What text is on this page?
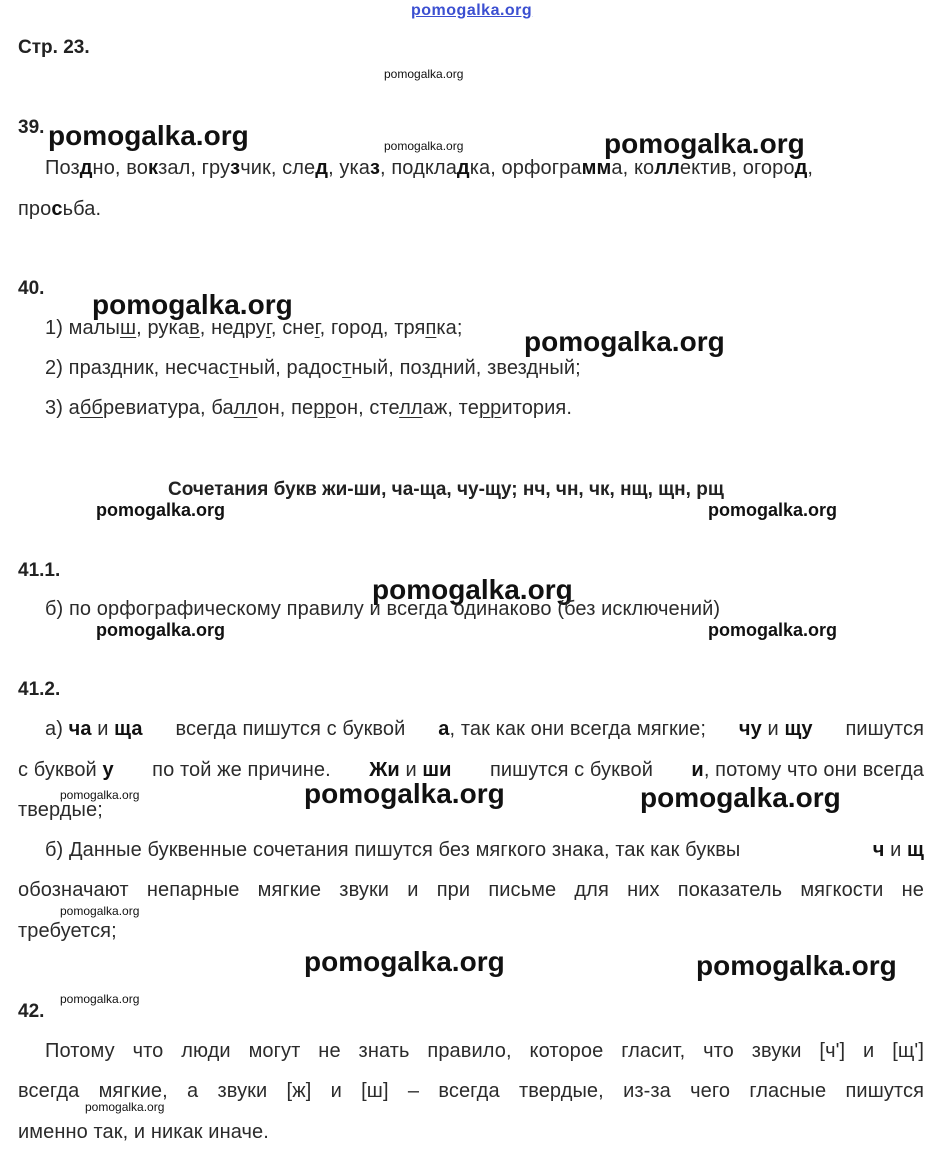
pomogalka.org
Стр. 23.
pomogalka.org
39. pomogalka.org	pomogalka.org	pomogalka.org
Поздно, вокзал, грузчик, след, указ, подкладка, орфограмма, коллектив, огород,
просьба.
40.
pomogalka.org
1) малыш, рукав, недруг, снег, город, тряпка; pomogalka.org
2) праздник, несчастный, радостный, поздний, звездный;
3) аббревиатура, баллон, перрон, стеллаж, территория.
Сочетания букв жи-ши, ча-ща, чу-щу; нч, чн, чк, нщ, щн, рщ
pomogalka.org	pomogalka.org
41.1.
pomogalka.org
б) по орфографическому правилу и всегда одинаково (без исключений)
pomogalka.org	pomogalka.org
41.2.
а) ча и ща всегда пишутся с буквой а, так как они всегда мягкие; чу и щу пишутся
с буквой у по той же причине. Жи и ши пишутся с буквой и, потому что они всегда
pomogalka.org	pomogalka.org	pomogalka.org
твердые;
б) Данные буквенные сочетания пишутся без мягкого знака, так как буквы	ч и щ
обозначают непарные мягкие звуки и при письме для них показатель мягкости не
pomogalka.org
требуется;
pomogalka.org	pomogalka.org
pomogalka.org
42.
Потому что люди могут не знать правило, которое гласит, что звуки [ч'] и [щ']
всегда мягкие, а звуки [ж] и [ш] – всегда твердые, из-за чего гласные пишутся
pomogalka.org
именно так, и никак иначе.
